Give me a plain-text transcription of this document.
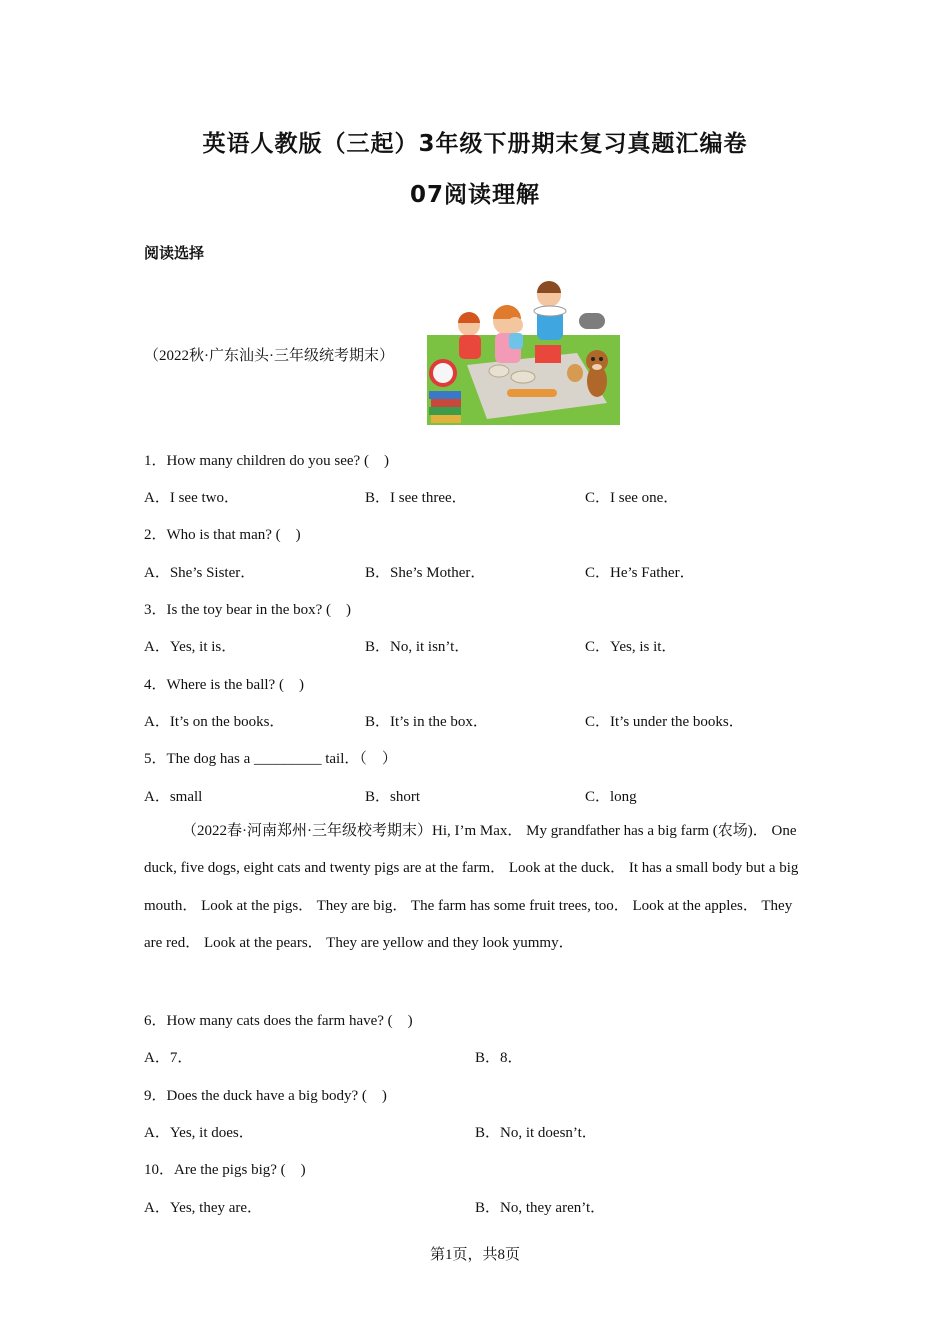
英语人教版（三起）3年级下册期末复习真题汇编卷
07阅读理解
阅读选择
（2022秋·广东汕头·三年级统考期末）
1．How many children do you see? (　)
A．I see two．	B．I see three．	C．I see one．
2．Who is that man? (　)
A．She’s Sister．	B．She’s Mother．	C．He’s Father．
3．Is the toy bear in the box? (　)
A．Yes, it is．	B．No, it isn’t．	C．Yes, is it．
4．Where is the ball? (　)
A．It’s on the books．	B．It’s in the box．	C．It’s under the books．
5．The dog has a _________ tail．（　）
A．small	B．short	C．long
（2022春·河南郑州·三年级校考期末）Hi, I’m Max． My grandfather has a big farm (农场)． One duck, five dogs, eight cats and twenty pigs are at the farm． Look at the duck． It has a small body but a big mouth． Look at the pigs． They are big． The farm has some fruit trees, too． Look at the apples． They are red． Look at the pears． They are yellow and they look yummy．
6．How many cats does the farm have? (　)
A．7．	B．8．
9．Does the duck have a big body? (　)
A．Yes, it does．	B．No, it doesn’t．
10．Are the pigs big? (　)
A．Yes, they are．	B．No, they aren’t．
第1页，共8页
